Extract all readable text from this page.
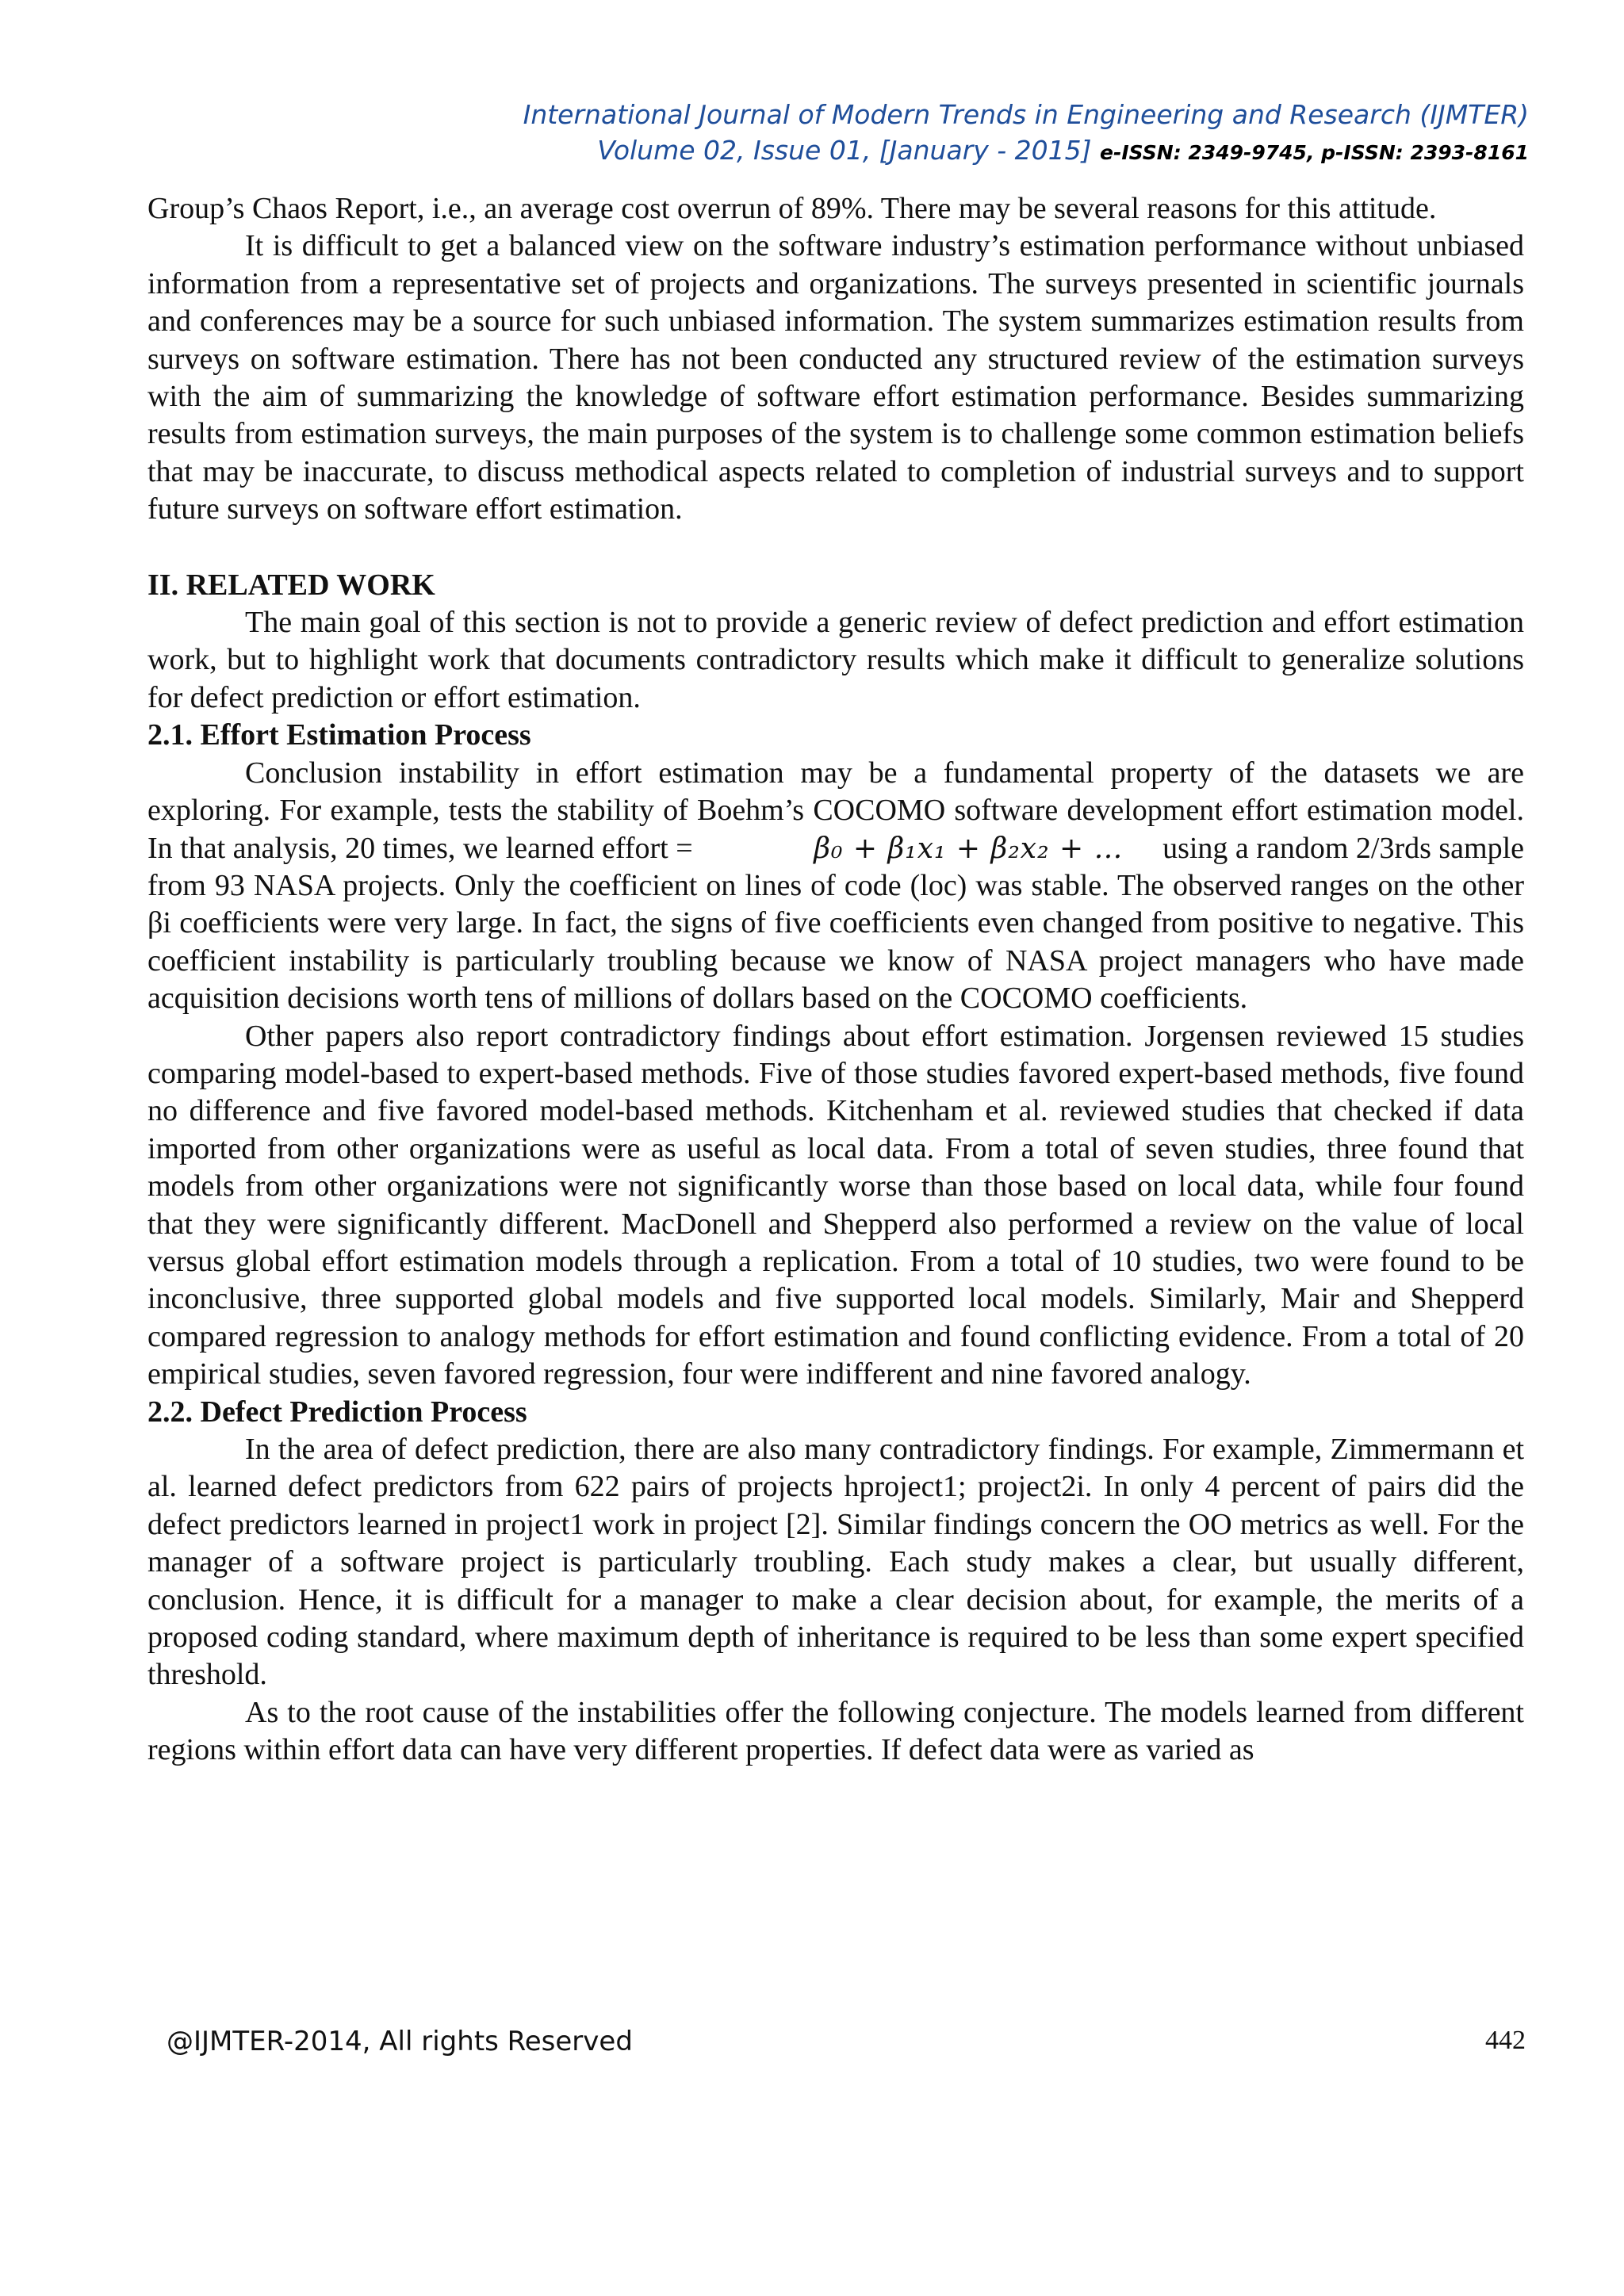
International Journal of Modern Trends in Engineering and Research (IJMTER)
Volume 02, Issue 01, [January - 2015] e-ISSN: 2349-9745, p-ISSN: 2393-8161

Group’s Chaos Report, i.e., an average cost overrun of 89%. There may be several reasons for this attitude.

It is difficult to get a balanced view on the software industry’s estimation performance without unbiased information from a representative set of projects and organizations. The surveys presented in scientific journals and conferences may be a source for such unbiased information. The system summarizes estimation results from surveys on software estimation. There has not been conducted any structured review of the estimation surveys with the aim of summarizing the knowledge of software effort estimation performance. Besides summarizing results from estimation surveys, the main purposes of the system is to challenge some common estimation beliefs that may be inaccurate, to discuss methodical aspects related to completion of industrial surveys and to support future surveys on software effort estimation.

II. RELATED WORK

The main goal of this section is not to provide a generic review of defect prediction and effort estimation work, but to highlight work that documents contradictory results which make it difficult to generalize solutions for defect prediction or effort estimation.

2.1. Effort Estimation Process

Conclusion instability in effort estimation may be a fundamental property of the datasets we are exploring. For example, tests the stability of Boehm’s COCOMO software development effort estimation model. In that analysis, 20 times, we learned effort =	β₀ + β₁x₁ + β₂x₂ + … using a random 2/3rds sample from 93 NASA projects. Only the coefficient on lines of code (loc) was stable. The observed ranges on the other βi coefficients were very large. In fact, the signs of five coefficients even changed from positive to negative. This coefficient instability is particularly troubling because we know of NASA project managers who have made acquisition decisions worth tens of millions of dollars based on the COCOMO coefficients.

Other papers also report contradictory findings about effort estimation. Jorgensen reviewed 15 studies comparing model-based to expert-based methods. Five of those studies favored expert-based methods, five found no difference and five favored model-based methods. Kitchenham et al. reviewed studies that checked if data imported from other organizations were as useful as local data. From a total of seven studies, three found that models from other organizations were not significantly worse than those based on local data, while four found that they were significantly different. MacDonell and Shepperd also performed a review on the value of local versus global effort estimation models through a replication. From a total of 10 studies, two were found to be inconclusive, three supported global models and five supported local models. Similarly, Mair and Shepperd compared regression to analogy methods for effort estimation and found conflicting evidence. From a total of 20 empirical studies, seven favored regression, four were indifferent and nine favored analogy.

2.2. Defect Prediction Process

In the area of defect prediction, there are also many contradictory findings. For example, Zimmermann et al. learned defect predictors from 622 pairs of projects hproject1; project2i. In only 4 percent of pairs did the defect predictors learned in project1 work in project [2]. Similar findings concern the OO metrics as well. For the manager of a software project is particularly troubling. Each study makes a clear, but usually different, conclusion. Hence, it is difficult for a manager to make a clear decision about, for example, the merits of a proposed coding standard, where maximum depth of inheritance is required to be less than some expert specified threshold.

As to the root cause of the instabilities offer the following conjecture. The models learned from different regions within effort data can have very different properties. If defect data were as varied as

@IJMTER-2014, All rights Reserved	442
